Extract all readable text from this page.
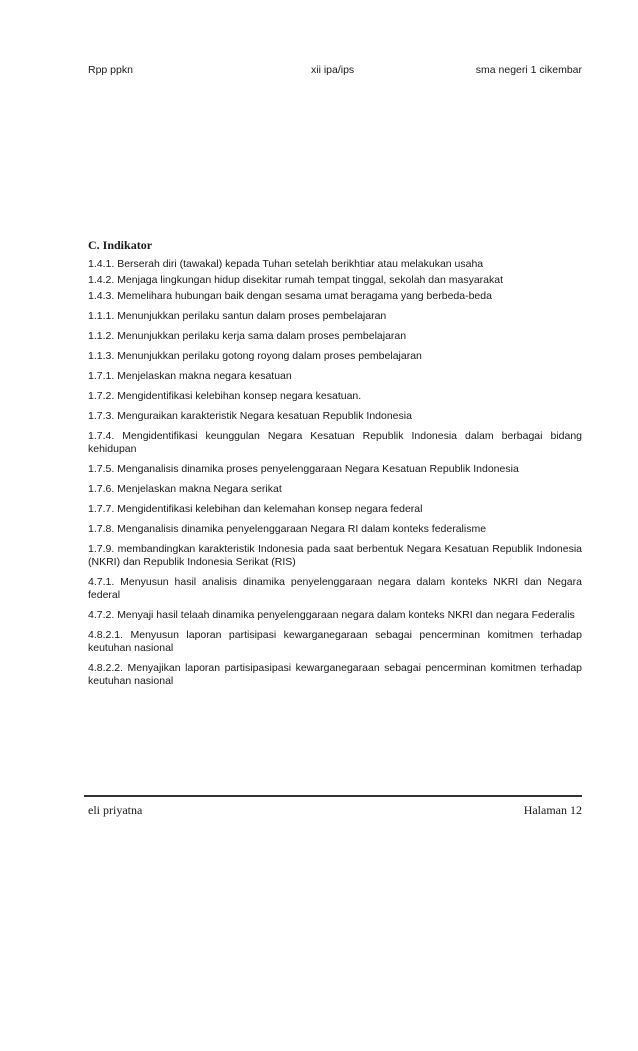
Rpp ppkn	xii ipa/ips	sma negeri 1 cikembar
C. Indikator

1.4.1. Berserah diri (tawakal) kepada Tuhan setelah berikhtiar atau melakukan usaha

1.4.2. Menjaga lingkungan hidup disekitar rumah tempat tinggal, sekolah dan masyarakat

1.4.3. Memelihara hubungan baik dengan sesama umat beragama yang berbeda-beda

1.1.1. Menunjukkan perilaku santun dalam proses pembelajaran

1.1.2. Menunjukkan perilaku kerja sama dalam proses pembelajaran

1.1.3. Menunjukkan perilaku gotong royong dalam proses pembelajaran

1.7.1. Menjelaskan makna negara kesatuan

1.7.2. Mengidentifikasi kelebihan konsep negara kesatuan.

1.7.3. Menguraikan karakteristik Negara kesatuan Republik Indonesia

1.7.4. Mengidentifikasi keunggulan Negara Kesatuan Republik Indonesia dalam berbagai bidang kehidupan

1.7.5. Menganalisis dinamika proses penyelenggaraan Negara Kesatuan Republik Indonesia

1.7.6. Menjelaskan makna Negara serikat

1.7.7. Mengidentifikasi kelebihan dan kelemahan konsep negara federal

1.7.8. Menganalisis dinamika penyelenggaraan Negara RI dalam konteks federalisme

1.7.9. membandingkan karakteristik Indonesia pada saat berbentuk Negara Kesatuan Republik Indonesia (NKRI) dan Republik Indonesia Serikat (RIS)

4.7.1. Menyusun hasil analisis dinamika penyelenggaraan negara dalam konteks NKRI dan Negara federal

4.7.2. Menyaji hasil telaah dinamika penyelenggaraan negara dalam konteks NKRI dan negara Federalis

4.8.2.1. Menyusun laporan partisipasi kewarganegaraan sebagai pencerminan komitmen terhadap keutuhan nasional

4.8.2.2. Menyajikan laporan partisipasipasi kewarganegaraan sebagai pencerminan komitmen terhadap keutuhan nasional

eli priyatna	Halaman 12
